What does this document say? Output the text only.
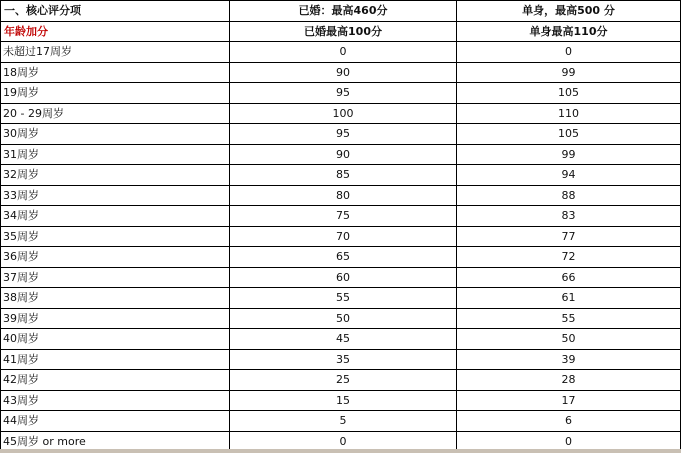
一、核心评分项	已婚：最高460分	单身，最高500 分
年龄加分	已婚最高100分	单身最高110分
未超过17周岁	0	0
18周岁	90	99
19周岁	95	105
20 - 29周岁	100	110
30周岁	95	105
31周岁	90	99
32周岁	85	94
33周岁	80	88
34周岁	75	83
35周岁	70	77
36周岁	65	72
37周岁	60	66
38周岁	55	61
39周岁	50	55
40周岁	45	50
41周岁	35	39
42周岁	25	28
43周岁	15	17
44周岁	5	6
45周岁 or more	0	0
